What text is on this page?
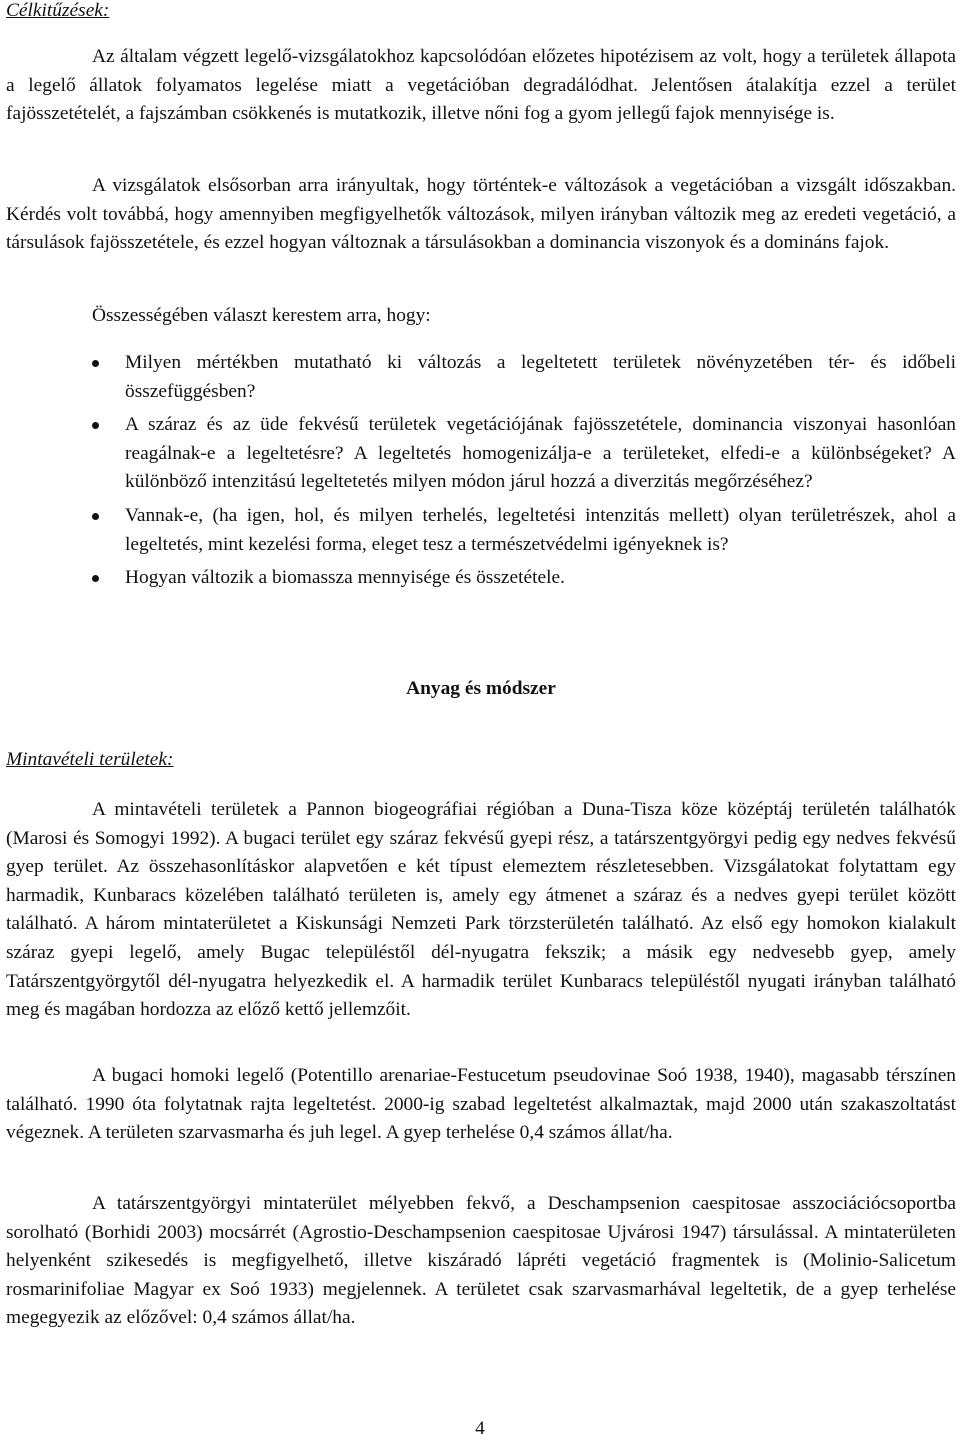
Célkitűzések:

Az általam végzett legelő-vizsgálatokhoz kapcsolódóan előzetes hipotézisem az volt, hogy a területek állapota a legelő állatok folyamatos legelése miatt a vegetációban degradálódhat. Jelentősen átalakítja ezzel a terület fajösszetételét, a fajszámban csökkenés is mutatkozik, illetve nőni fog a gyom jellegű fajok mennyisége is.

A vizsgálatok elsősorban arra irányultak, hogy történtek-e változások a vegetációban a vizsgált időszakban. Kérdés volt továbbá, hogy amennyiben megfigyelhetők változások, milyen irányban változik meg az eredeti vegetáció, a társulások fajösszetétele, és ezzel hogyan változnak a társulásokban a dominancia viszonyok és a domináns fajok.

Összességében választ kerestem arra, hogy:

Milyen mértékben mutatható ki változás a legeltetett területek növényzetében tér- és időbeli összefüggésben?
A száraz és az üde fekvésű területek vegetációjának fajösszetétele, dominancia viszonyai hasonlóan reagálnak-e a legeltetésre? A legeltetés homogenizálja-e a területeket, elfedi-e a különbségeket? A különböző intenzitású legeltetetés milyen módon járul hozzá a diverzitás megőrzéséhez?
Vannak-e, (ha igen, hol, és milyen terhelés, legeltetési intenzitás mellett) olyan területrészek, ahol a legeltetés, mint kezelési forma, eleget tesz a természetvédelmi igényeknek is?
Hogyan változik a biomassza mennyisége és összetétele.

Anyag és módszer

Mintavételi területek:

A mintavételi területek a Pannon biogeográfiai régióban a Duna-Tisza köze középtáj területén találhatók (Marosi és Somogyi 1992). A bugaci terület egy száraz fekvésű gyepi rész, a tatárszentgyörgyi pedig egy nedves fekvésű gyep terület. Az összehasonlításkor alapvetően e két típust elemeztem részletesebben. Vizsgálatokat folytattam egy harmadik, Kunbaracs közelében található területen is, amely egy átmenet a száraz és a nedves gyepi terület között található. A három mintaterületet a Kiskunsági Nemzeti Park törzsterületén található. Az első egy homokon kialakult száraz gyepi legelő, amely Bugac településtől dél-nyugatra fekszik; a másik egy nedvesebb gyep, amely Tatárszentgyörgytől dél-nyugatra helyezkedik el. A harmadik terület Kunbaracs településtől nyugati irányban található meg és magában hordozza az előző kettő jellemzőit.

A bugaci homoki legelő (Potentillo arenariae-Festucetum pseudovinae Soó 1938, 1940), magasabb térszínen található. 1990 óta folytatnak rajta legeltetést. 2000-ig szabad legeltetést alkalmaztak, majd 2000 után szakaszoltatást végeznek. A területen szarvasmarha és juh legel. A gyep terhelése 0,4 számos állat/ha.

A tatárszentgyörgyi mintaterület mélyebben fekvő, a Deschampsenion caespitosae asszociációcsoportba sorolható (Borhidi 2003) mocsárrét (Agrostio-Deschampsenion caespitosae Ujvárosi 1947) társulással. A mintaterületen helyenként szikesedés is megfigyelhető, illetve kiszáradó lápréti vegetáció fragmentek is (Molinio-Salicetum rosmarinifoliae Magyar ex Soó 1933) megjelennek. A területet csak szarvasmarhával legeltetik, de a gyep terhelése megegyezik az előzővel: 0,4 számos állat/ha.

4
